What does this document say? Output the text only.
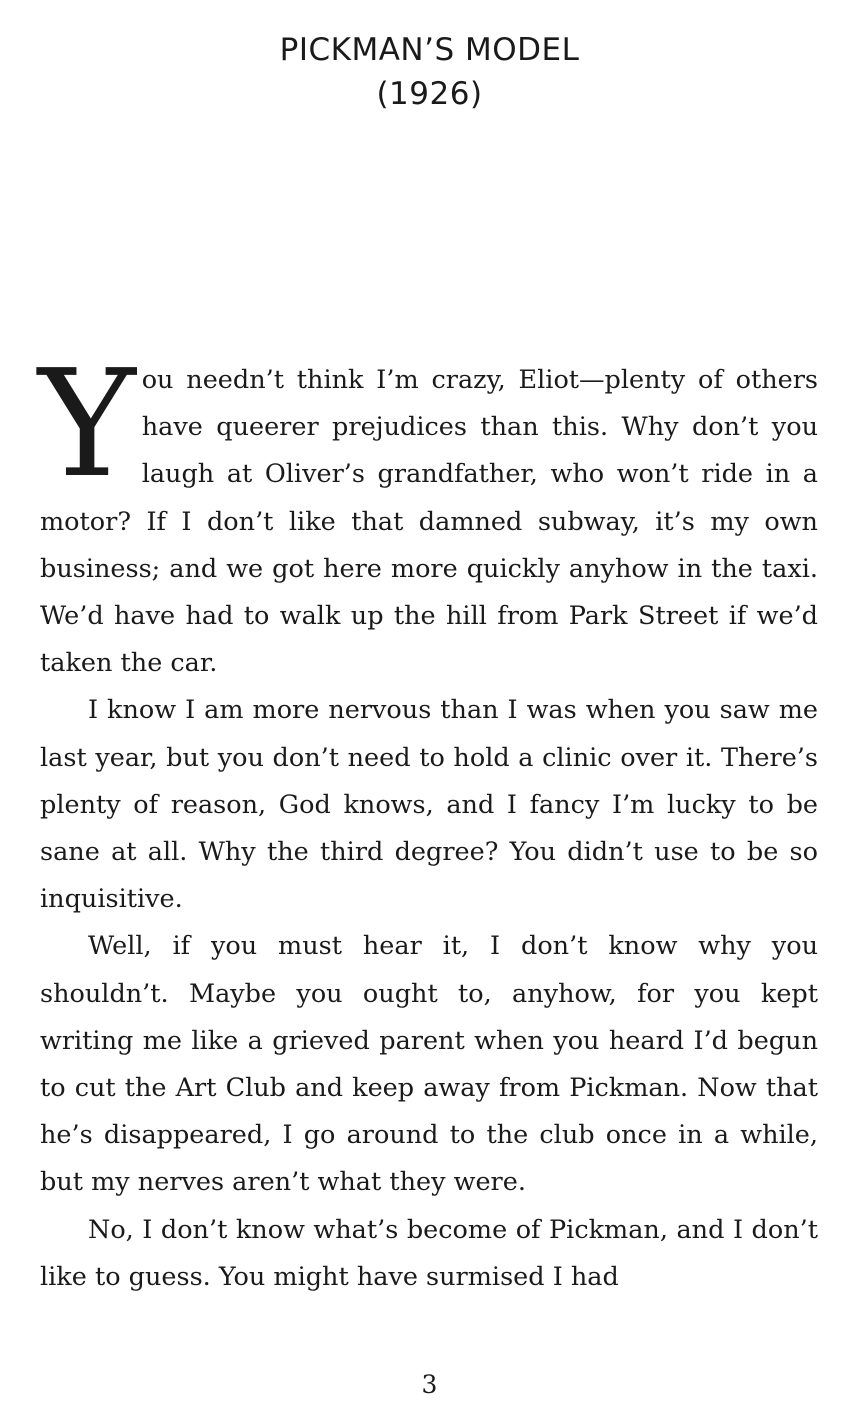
PICKMAN’S MODEL
(1926)

You needn’t think I’m crazy, Eliot—plenty of others have queerer prejudices than this. Why don’t you laugh at Oliver’s grandfather, who won’t ride in a motor? If I don’t like that damned subway, it’s my own business; and we got here more quickly anyhow in the taxi. We’d have had to walk up the hill from Park Street if we’d taken the car.

I know I am more nervous than I was when you saw me last year, but you don’t need to hold a clinic over it. There’s plenty of reason, God knows, and I fancy I’m lucky to be sane at all. Why the third degree? You didn’t use to be so inquisitive.

Well, if you must hear it, I don’t know why you shouldn’t. Maybe you ought to, anyhow, for you kept writing me like a grieved parent when you heard I’d begun to cut the Art Club and keep away from Pickman. Now that he’s disappeared, I go around to the club once in a while, but my nerves aren’t what they were.

No, I don’t know what’s become of Pickman, and I don’t like to guess. You might have surmised I had

3
